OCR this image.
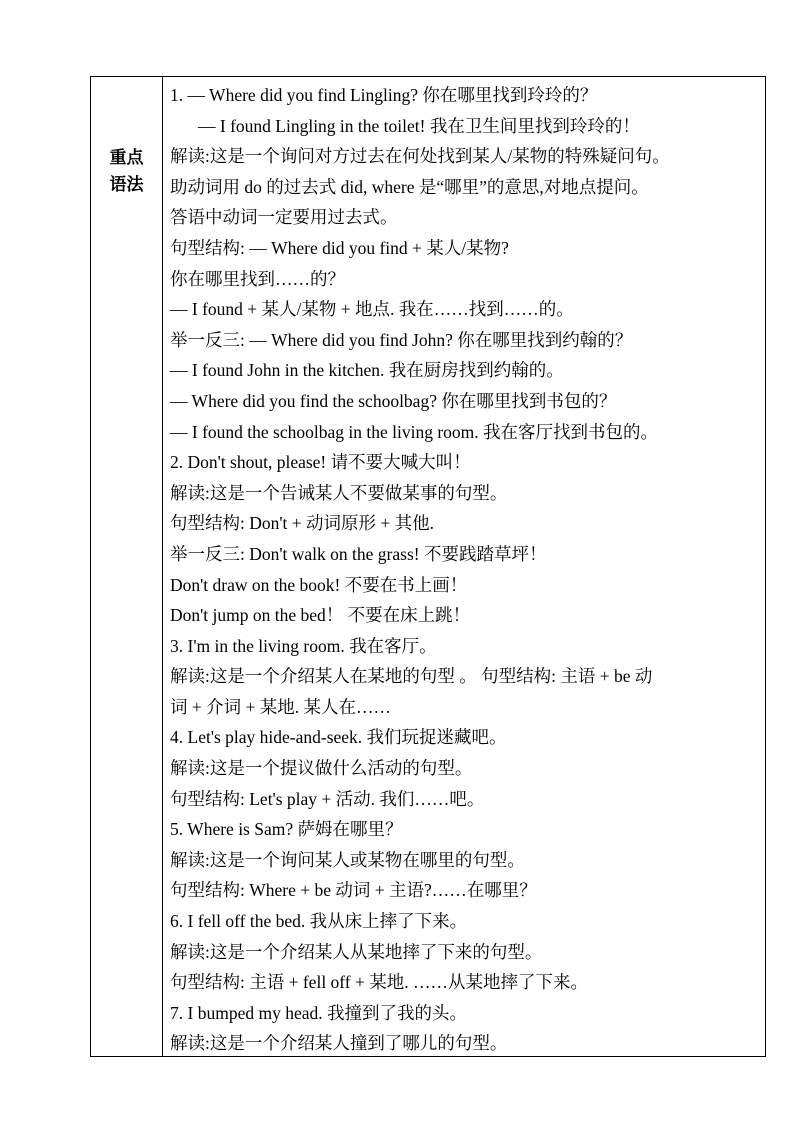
重点
语法
1. — Where did you find Lingling? 你在哪里找到玲玲的？
— I found Lingling in the toilet! 我在卫生间里找到玲玲的！
解读:这是一个询问对方过去在何处找到某人/某物的特殊疑问句。
助动词用 do 的过去式 did, where 是“哪里”的意思,对地点提问。
答语中动词一定要用过去式。
句型结构: — Where did you find + 某人/某物?
你在哪里找到……的？
— I found + 某人/某物 + 地点. 我在……找到……的。
举一反三: — Where did you find John? 你在哪里找到约翰的？
— I found John in the kitchen. 我在厨房找到约翰的。
— Where did you find the schoolbag? 你在哪里找到书包的？
— I found the schoolbag in the living room. 我在客厅找到书包的。
2. Don't shout, please! 请不要大喊大叫！
解读:这是一个告诫某人不要做某事的句型。
句型结构: Don't + 动词原形 + 其他.
举一反三: Don't walk on the grass! 不要践踏草坪！
Don't draw on the book! 不要在书上画！
Don't jump on the bed！ 不要在床上跳！
3. I'm in the living room. 我在客厅。
解读:这是一个介绍某人在某地的句型 。 句型结构: 主语 + be 动
词 + 介词 + 某地. 某人在……
4. Let's play hide-and-seek. 我们玩捉迷藏吧。
解读:这是一个提议做什么活动的句型。
句型结构: Let's play + 活动. 我们……吧。
5. Where is Sam? 萨姆在哪里？
解读:这是一个询问某人或某物在哪里的句型。
句型结构: Where + be 动词 + 主语?……在哪里？
6. I fell off the bed. 我从床上摔了下来。
解读:这是一个介绍某人从某地摔了下来的句型。
句型结构: 主语 + fell off + 某地. ……从某地摔了下来。
7. I bumped my head. 我撞到了我的头。
解读:这是一个介绍某人撞到了哪儿的句型。
